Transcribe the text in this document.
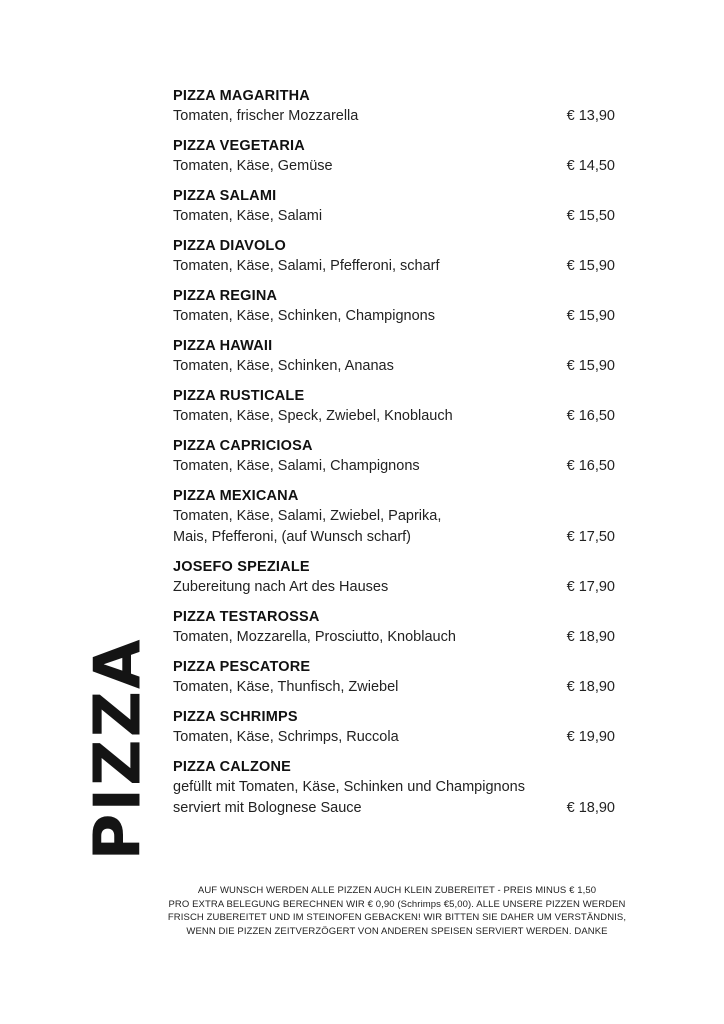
PIZZA
PIZZA MAGARITHA
Tomaten, frischer Mozzarella	€ 13,90
PIZZA VEGETARIA
Tomaten, Käse, Gemüse	€ 14,50
PIZZA SALAMI
Tomaten, Käse, Salami	€ 15,50
PIZZA DIAVOLO
Tomaten, Käse, Salami, Pfefferoni, scharf	€ 15,90
PIZZA REGINA
Tomaten, Käse, Schinken, Champignons	€ 15,90
PIZZA HAWAII
Tomaten, Käse, Schinken, Ananas	€ 15,90
PIZZA RUSTICALE
Tomaten, Käse, Speck, Zwiebel, Knoblauch	€ 16,50
PIZZA CAPRICIOSA
Tomaten, Käse, Salami, Champignons	€ 16,50
PIZZA MEXICANA
Tomaten, Käse, Salami, Zwiebel, Paprika,
Mais, Pfefferoni, (auf Wunsch scharf)	€ 17,50
JOSEFO SPEZIALE
Zubereitung nach Art des Hauses	€ 17,90
PIZZA TESTAROSSA
Tomaten, Mozzarella, Prosciutto, Knoblauch	€ 18,90
PIZZA PESCATORE
Tomaten, Käse, Thunfisch, Zwiebel	€ 18,90
PIZZA SCHRIMPS
Tomaten, Käse, Schrimps, Ruccola	€ 19,90
PIZZA CALZONE
gefüllt mit Tomaten, Käse, Schinken und Champignons
serviert mit Bolognese Sauce	€ 18,90
AUF WUNSCH WERDEN ALLE PIZZEN AUCH KLEIN ZUBEREITET - PREIS MINUS € 1,50
PRO EXTRA BELEGUNG BERECHNEN WIR € 0,90 (Schrimps €5,00). ALLE UNSERE PIZZEN WERDEN
FRISCH ZUBEREITET UND IM STEINOFEN GEBACKEN! WIR BITTEN SIE DAHER UM VERSTÄNDNIS,
WENN DIE PIZZEN ZEITVERZÖGERT VON ANDEREN SPEISEN SERVIERT WERDEN. DANKE
